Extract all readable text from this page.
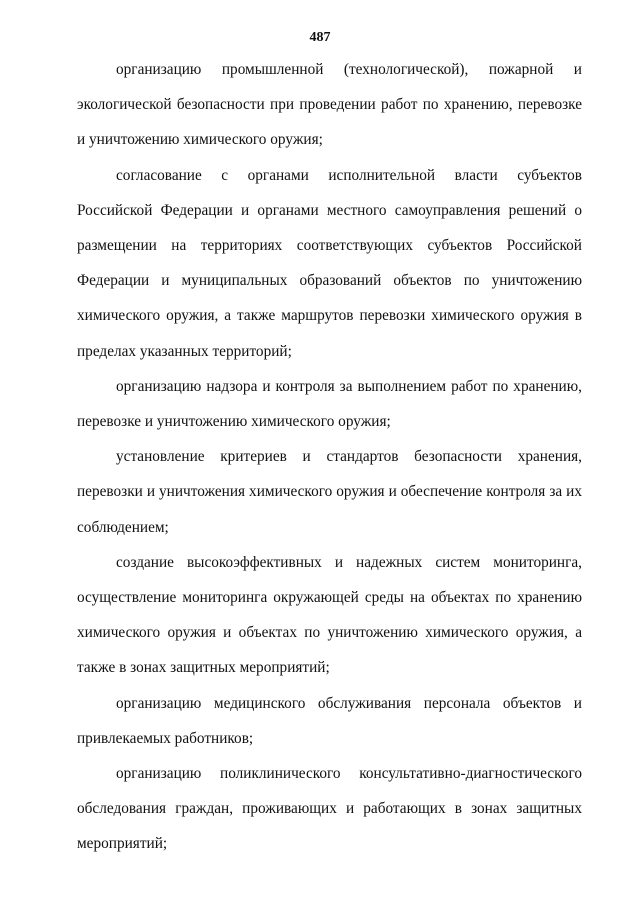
487

организацию промышленной (технологической), пожарной и экологической безопасности при проведении работ по хранению, перевозке и уничтожению химического оружия;

согласование с органами исполнительной власти субъектов Российской Федерации и органами местного самоуправления решений о размещении на территориях соответствующих субъектов Российской Федерации и муниципальных образований объектов по уничтожению химического оружия, а также маршрутов перевозки химического оружия в пределах указанных территорий;

организацию надзора и контроля за выполнением работ по хранению, перевозке и уничтожению химического оружия;

установление критериев и стандартов безопасности хранения, перевозки и уничтожения химического оружия и обеспечение контроля за их соблюдением;

создание высокоэффективных и надежных систем мониторинга, осуществление мониторинга окружающей среды на объектах по хранению химического оружия и объектах по уничтожению химического оружия, а также в зонах защитных мероприятий;

организацию медицинского обслуживания персонала объектов и привлекаемых работников;

организацию поликлинического консультативно-диагностического обследования граждан, проживающих и работающих в зонах защитных мероприятий;
